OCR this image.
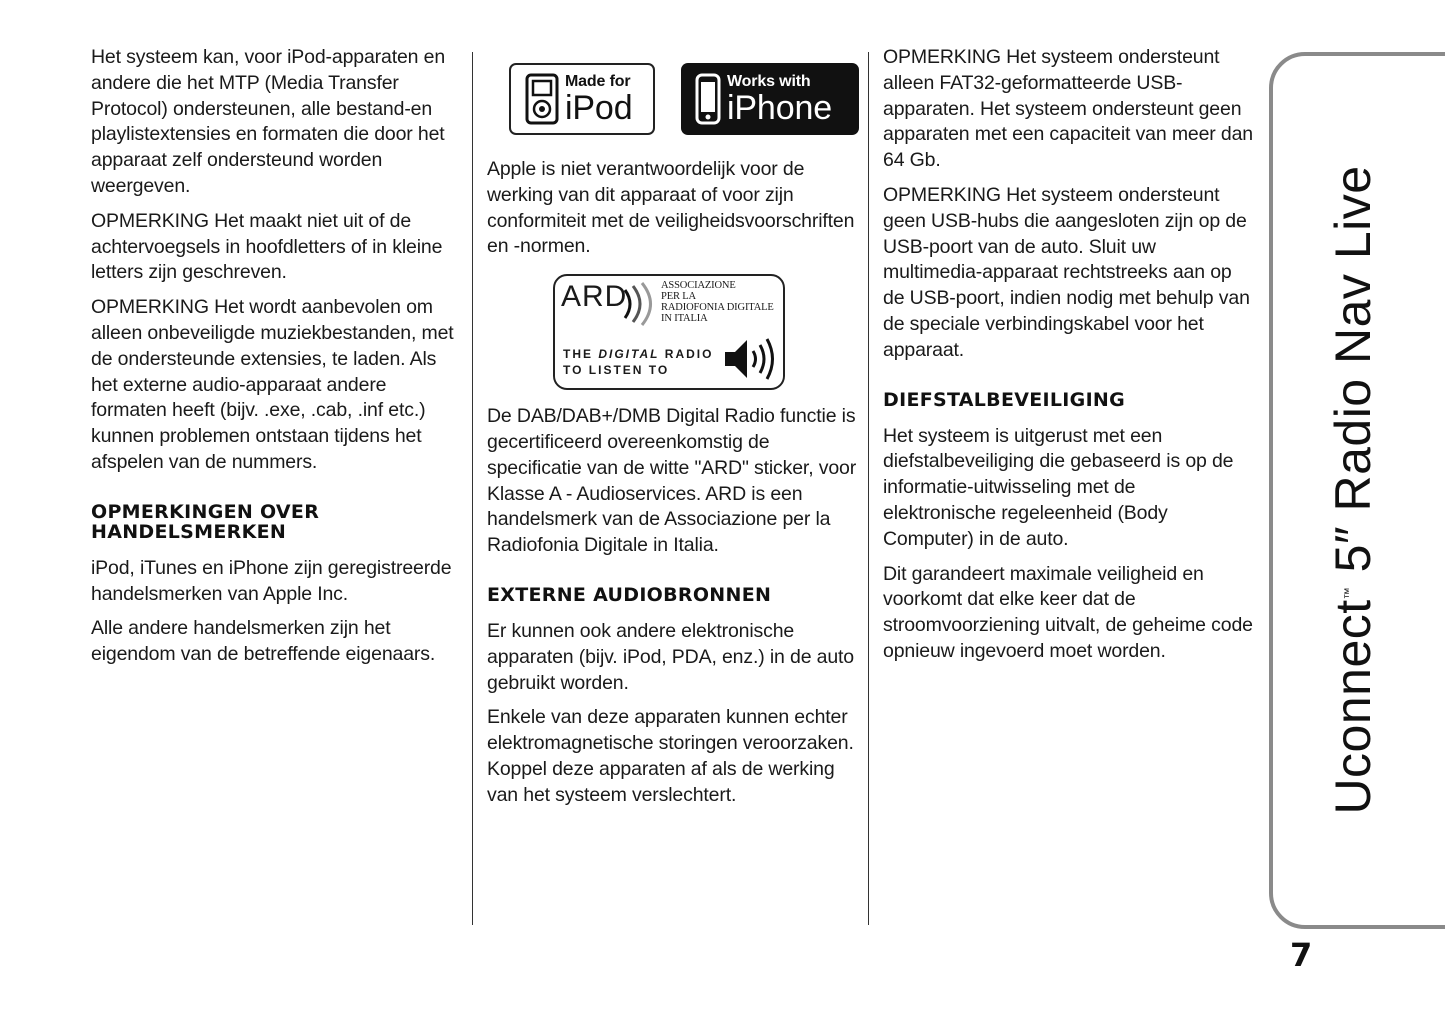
Het systeem kan, voor iPod-apparaten en andere die het MTP (Media Transfer Protocol) ondersteunen, alle bestand-en playlistextensies en formaten die door het apparaat zelf ondersteund worden weergeven.

OPMERKING Het maakt niet uit of de achtervoegsels in hoofdletters of in kleine letters zijn geschreven.

OPMERKING Het wordt aanbevolen om alleen onbeveiligde muziekbestanden, met de ondersteunde extensies, te laden. Als het externe audio-apparaat andere formaten heeft (bijv. .exe, .cab, .inf etc.) kunnen problemen ontstaan tijdens het afspelen van de nummers.

OPMERKINGEN OVER HANDELSMERKEN

iPod, iTunes en iPhone zijn geregistreerde handelsmerken van Apple Inc.

Alle andere handelsmerken zijn het eigendom van de betreffende eigenaars.

Made for
iPod
Works with
iPhone

Apple is niet verantwoordelijk voor de werking van dit apparaat of voor zijn conformiteit met de veiligheidsvoorschriften en -normen.

ARD	ASSOCIAZIONE
PER LA
RADIOFONIA DIGITALE
IN ITALIA
THE DIGITAL RADIO
TO LISTEN TO

De DAB/DAB+/DMB Digital Radio functie is gecertificeerd overeenkomstig de specificatie van de witte "ARD" sticker, voor Klasse A - Audioservices. ARD is een handelsmerk van de Associazione per la Radiofonia Digitale in Italia.

EXTERNE AUDIOBRONNEN

Er kunnen ook andere elektronische apparaten (bijv. iPod, PDA, enz.) in de auto gebruikt worden.

Enkele van deze apparaten kunnen echter elektromagnetische storingen veroorzaken. Koppel deze apparaten af als de werking van het systeem verslechtert.

OPMERKING Het systeem ondersteunt alleen FAT32-geformatteerde USB-apparaten. Het systeem ondersteunt geen apparaten met een capaciteit van meer dan 64 Gb.

OPMERKING Het systeem ondersteunt geen USB-hubs die aangesloten zijn op de USB-poort van de auto. Sluit uw multimedia-apparaat rechtstreeks aan op de USB-poort, indien nodig met behulp van de speciale verbindingskabel voor het apparaat.

DIEFSTALBEVEILIGING

Het systeem is uitgerust met een diefstalbeveiliging die gebaseerd is op de informatie-uitwisseling met de elektronische regeleenheid (Body Computer) in de auto.

Dit garandeert maximale veiligheid en voorkomt dat elke keer dat de stroomvoorziening uitvalt, de geheime code opnieuw ingevoerd moet worden.	Uconnect™ 5″ Radio Nav Live
7
